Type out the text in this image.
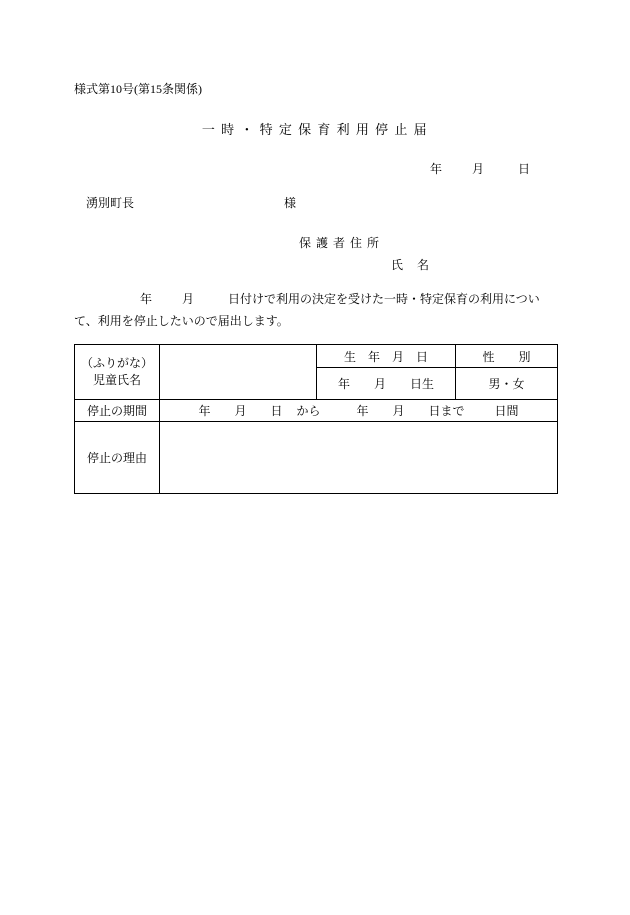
様式第10号(第15条関係)
一 時 ・ 特 定 保 育 利 用 停 止 届
年	月	日
湧別町長	様
保 護 者 住 所
氏　名
年	月	日付けで利用の決定を受けた一時・特定保育の利用について、利用を停止したいので届出します。
（ふりがな）
児童氏名		生　年　月　日	性　　別
		年 月 日生	男・女
停止の期間	年 月 日 から 年 月 日まで 日間		
停止の理由			
